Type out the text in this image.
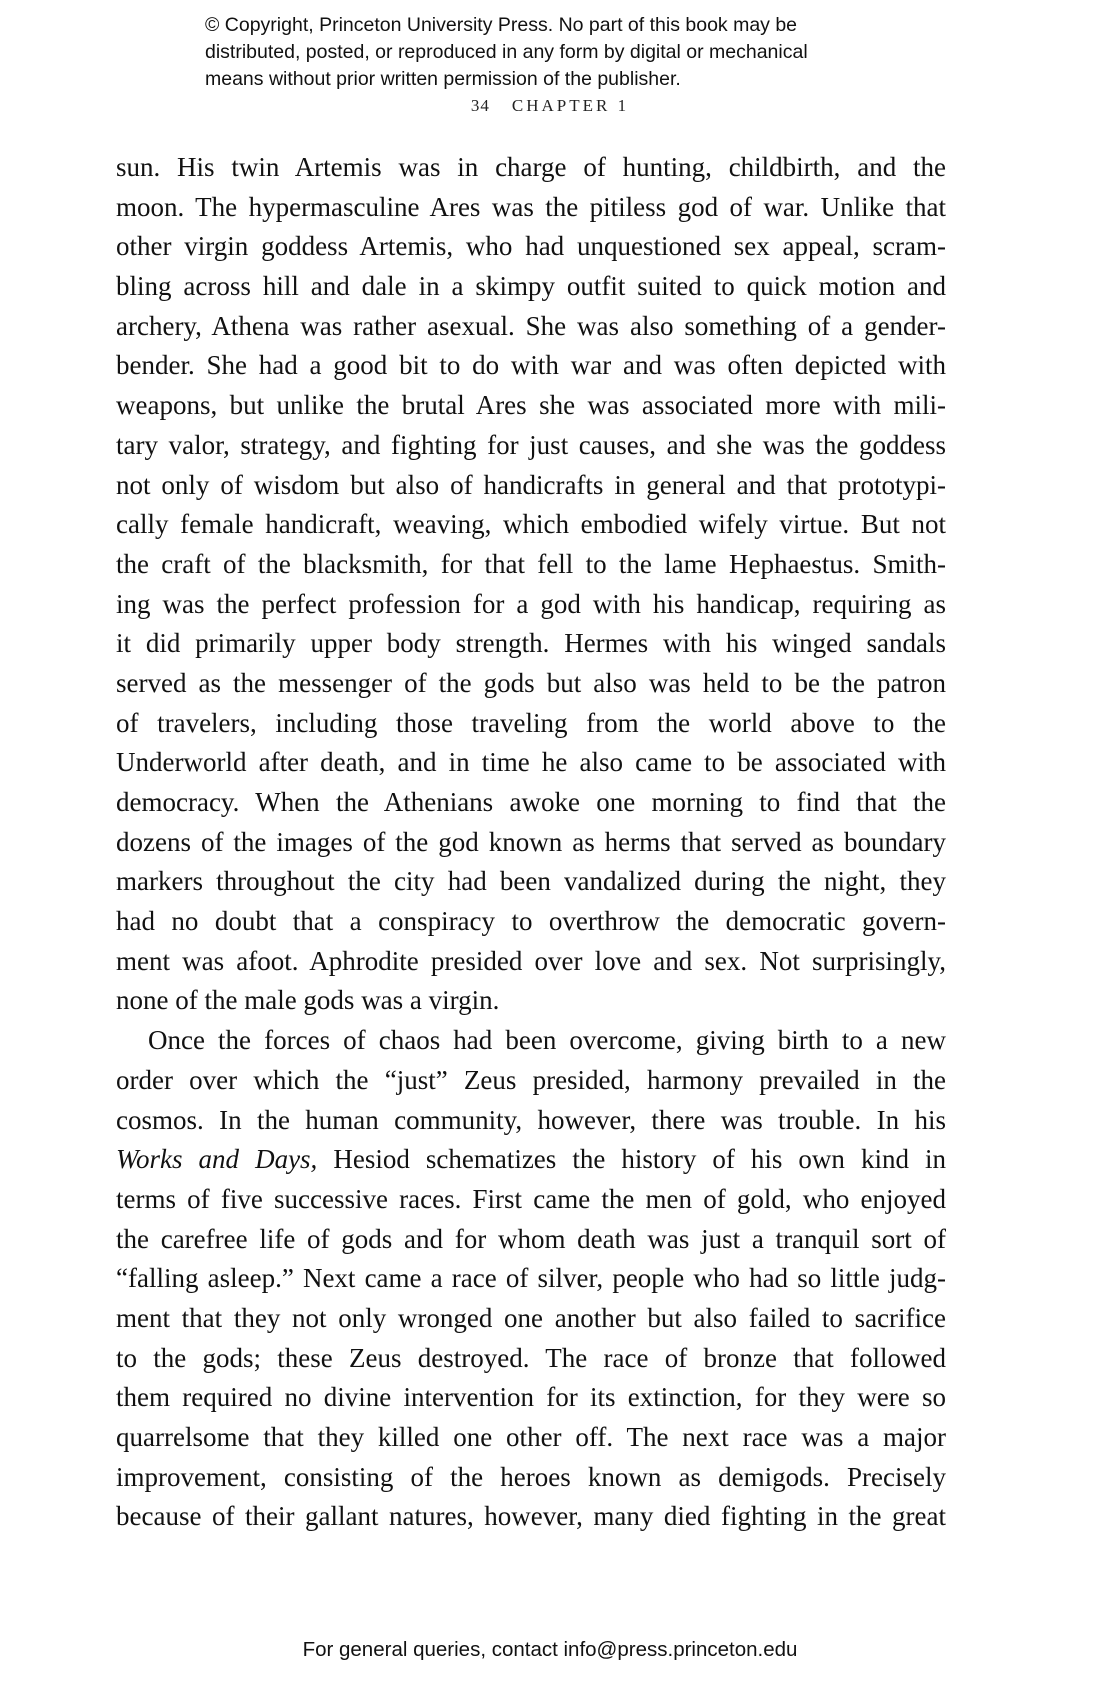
© Copyright, Princeton University Press. No part of this book may be
distributed, posted, or reproduced in any form by digital or mechanical
means without prior written permission of the publisher.
34 CHAPTER 1
sun. His twin Artemis was in charge of hunting, childbirth, and the
moon. The hypermasculine Ares was the pitiless god of war. Unlike that
other virgin goddess Artemis, who had unquestioned sex appeal, scram-
bling across hill and dale in a skimpy outfit suited to quick motion and
archery, Athena was rather asexual. She was also something of a gender-
bender. She had a good bit to do with war and was often depicted with
weapons, but unlike the brutal Ares she was associated more with mili-
tary valor, strategy, and fighting for just causes, and she was the goddess
not only of wisdom but also of handicrafts in general and that prototypi-
cally female handicraft, weaving, which embodied wifely virtue. But not
the craft of the blacksmith, for that fell to the lame Hephaestus. Smith-
ing was the perfect profession for a god with his handicap, requiring as
it did primarily upper body strength. Hermes with his winged sandals
served as the messenger of the gods but also was held to be the patron
of travelers, including those traveling from the world above to the
Underworld after death, and in time he also came to be associated with
democracy. When the Athenians awoke one morning to find that the
dozens of the images of the god known as herms that served as boundary
markers throughout the city had been vandalized during the night, they
had no doubt that a conspiracy to overthrow the democratic govern-
ment was afoot. Aphrodite presided over love and sex. Not surprisingly,
none of the male gods was a virgin.
Once the forces of chaos had been overcome, giving birth to a new
order over which the “just” Zeus presided, harmony prevailed in the
cosmos. In the human community, however, there was trouble. In his
Works and Days, Hesiod schematizes the history of his own kind in
terms of five successive races. First came the men of gold, who enjoyed
the carefree life of gods and for whom death was just a tranquil sort of
“falling asleep.” Next came a race of silver, people who had so little judg-
ment that they not only wronged one another but also failed to sacrifice
to the gods; these Zeus destroyed. The race of bronze that followed
them required no divine intervention for its extinction, for they were so
quarrelsome that they killed one other off. The next race was a major
improvement, consisting of the heroes known as demigods. Precisely
because of their gallant natures, however, many died fighting in the great
For general queries, contact info@press.princeton.edu
